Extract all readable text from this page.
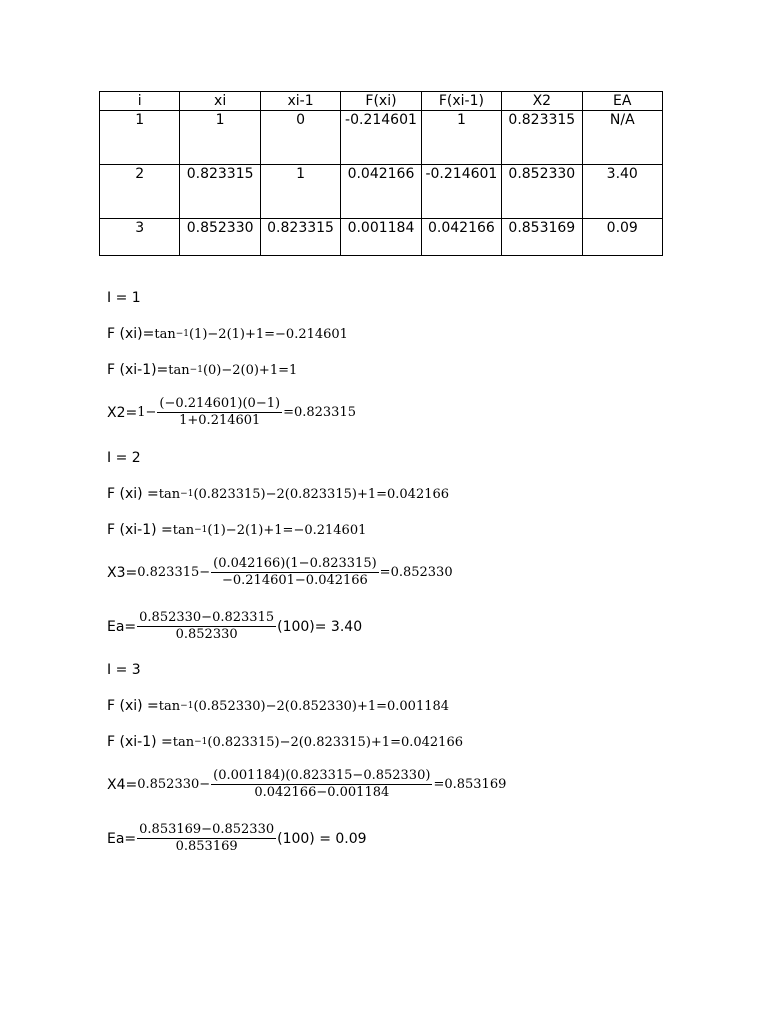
i	xi	xi-1	F(xi)	F(xi-1)	X2	EA
1	1	0	-0.214601	1	0.823315	N/A
2	0.823315	1	0.042166	-0.214601	0.852330	3.40
3	0.852330	0.823315	0.001184	0.042166	0.853169	0.09
I = 1
F (xi)= tan −1 (1)−2(1)+1=−0.214601
F (xi-1)= tan −1 (0)−2(0)+1=1
$X2= 1- \frac{(-0.214601)(0-1)}{1+0.214601} =0.823315$
I = 2
F (xi) = tan −1 (0.823315)−2(0.823315)+1=0.042166
F (xi-1) = tan −1 (1)−2(1)+1=−0.214601
$X3= 0.823315- \frac{(0.042166)(1-0.823315)}{-0.214601-0.042166} =0.852330$
$Ea= \frac{0.852330-0.823315}{0.852330} (100)= 3.40$
I = 3
F (xi) = tan −1 (0.852330)−2(0.852330)+1=0.001184
F (xi-1) = tan −1 (0.823315)−2(0.823315)+1=0.042166
$X4= 0.852330- \frac{(0.001184)(0.823315-0.852330)}{0.042166-0.001184} =0.853169$
$Ea= \frac{0.853169-0.852330}{0.853169} (100) = 0.09$
